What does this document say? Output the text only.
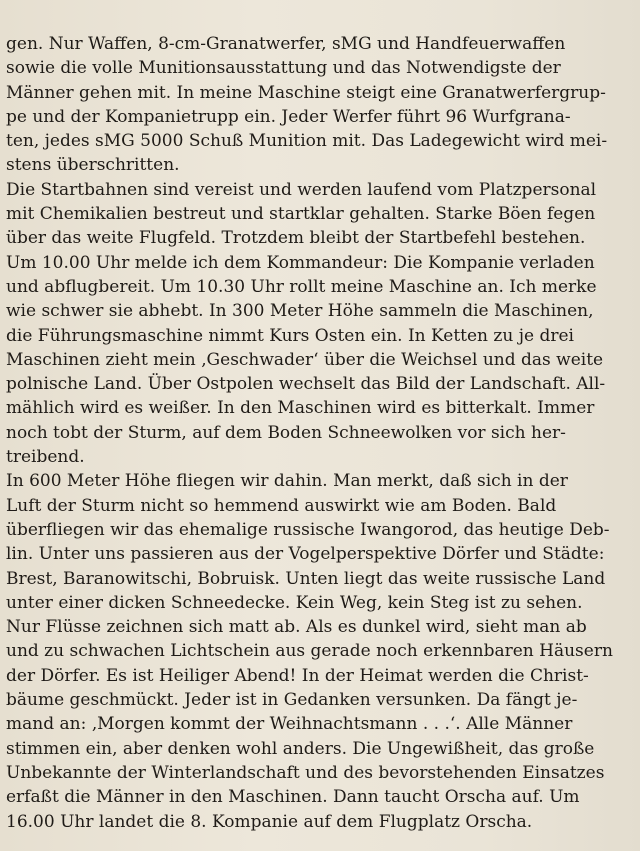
gen. Nur Waffen, 8-cm-Granatwerfer, sMG und Handfeuerwaffen
sowie die volle Munitionsausstattung und das Notwendigste der
Männer gehen mit. In meine Maschine steigt eine Granatwerfergrup-
pe und der Kompanietrupp ein. Jeder Werfer führt 96 Wurfgrana-
ten, jedes sMG 5000 Schuß Munition mit. Das Ladegewicht wird mei-
stens überschritten.
Die Startbahnen sind vereist und werden laufend vom Platzpersonal
mit Chemikalien bestreut und startklar gehalten. Starke Böen fegen
über das weite Flugfeld. Trotzdem bleibt der Startbefehl bestehen.
Um 10.00 Uhr melde ich dem Kommandeur: Die Kompanie verladen
und abflugbereit. Um 10.30 Uhr rollt meine Maschine an. Ich merke
wie schwer sie abhebt. In 300 Meter Höhe sammeln die Maschinen,
die Führungsmaschine nimmt Kurs Osten ein. In Ketten zu je drei
Maschinen zieht mein ‚Geschwader‘ über die Weichsel und das weite
polnische Land. Über Ostpolen wechselt das Bild der Landschaft. All-
mählich wird es weißer. In den Maschinen wird es bitterkalt. Immer
noch tobt der Sturm, auf dem Boden Schneewolken vor sich her-
treibend.
In 600 Meter Höhe fliegen wir dahin. Man merkt, daß sich in der
Luft der Sturm nicht so hemmend auswirkt wie am Boden. Bald
überfliegen wir das ehemalige russische Iwangorod, das heutige Deb-
lin. Unter uns passieren aus der Vogelperspektive Dörfer und Städte:
Brest, Baranowitschi, Bobruisk. Unten liegt das weite russische Land
unter einer dicken Schneedecke. Kein Weg, kein Steg ist zu sehen.
Nur Flüsse zeichnen sich matt ab. Als es dunkel wird, sieht man ab
und zu schwachen Lichtschein aus gerade noch erkennbaren Häusern
der Dörfer. Es ist Heiliger Abend! In der Heimat werden die Christ-
bäume geschmückt. Jeder ist in Gedanken versunken. Da fängt je-
mand an: ‚Morgen kommt der Weihnachtsmann . . .‘. Alle Männer
stimmen ein, aber denken wohl anders. Die Ungewißheit, das große
Unbekannte der Winterlandschaft und des bevorstehenden Einsatzes
erfaßt die Männer in den Maschinen. Dann taucht Orscha auf. Um
16.00 Uhr landet die 8. Kompanie auf dem Flugplatz Orscha.
